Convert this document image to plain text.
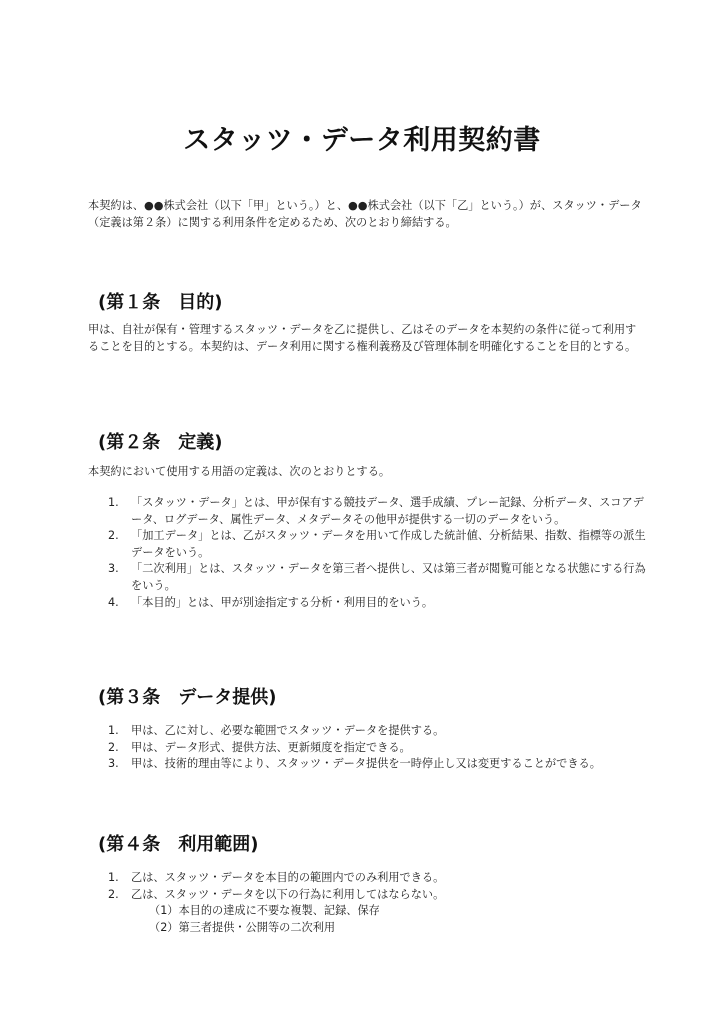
スタッツ・データ利用契約書
本契約は、●●株式会社（以下「甲」という。）と、●●株式会社（以下「乙」という。）が、スタッツ・データ（定義は第２条）に関する利用条件を定めるため、次のとおり締結する。
(第１条　目的)
甲は、自社が保有・管理するスタッツ・データを乙に提供し、乙はそのデータを本契約の条件に従って利用することを目的とする。本契約は、データ利用に関する権利義務及び管理体制を明確化することを目的とする。
(第２条　定義)
本契約において使用する用語の定義は、次のとおりとする。
1. 「スタッツ・データ」とは、甲が保有する競技データ、選手成績、プレー記録、分析データ、スコアデータ、ログデータ、属性データ、メタデータその他甲が提供する一切のデータをいう。
2. 「加工データ」とは、乙がスタッツ・データを用いて作成した統計値、分析結果、指数、指標等の派生データをいう。
3. 「二次利用」とは、スタッツ・データを第三者へ提供し、又は第三者が閲覧可能となる状態にする行為をいう。
4. 「本目的」とは、甲が別途指定する分析・利用目的をいう。
(第３条　データ提供)
1. 甲は、乙に対し、必要な範囲でスタッツ・データを提供する。
2. 甲は、データ形式、提供方法、更新頻度を指定できる。
3. 甲は、技術的理由等により、スタッツ・データ提供を一時停止し又は変更することができる。
(第４条　利用範囲)
1. 乙は、スタッツ・データを本目的の範囲内でのみ利用できる。
2. 乙は、スタッツ・データを以下の行為に利用してはならない。
（1）本目的の達成に不要な複製、記録、保存
（2）第三者提供・公開等の二次利用
